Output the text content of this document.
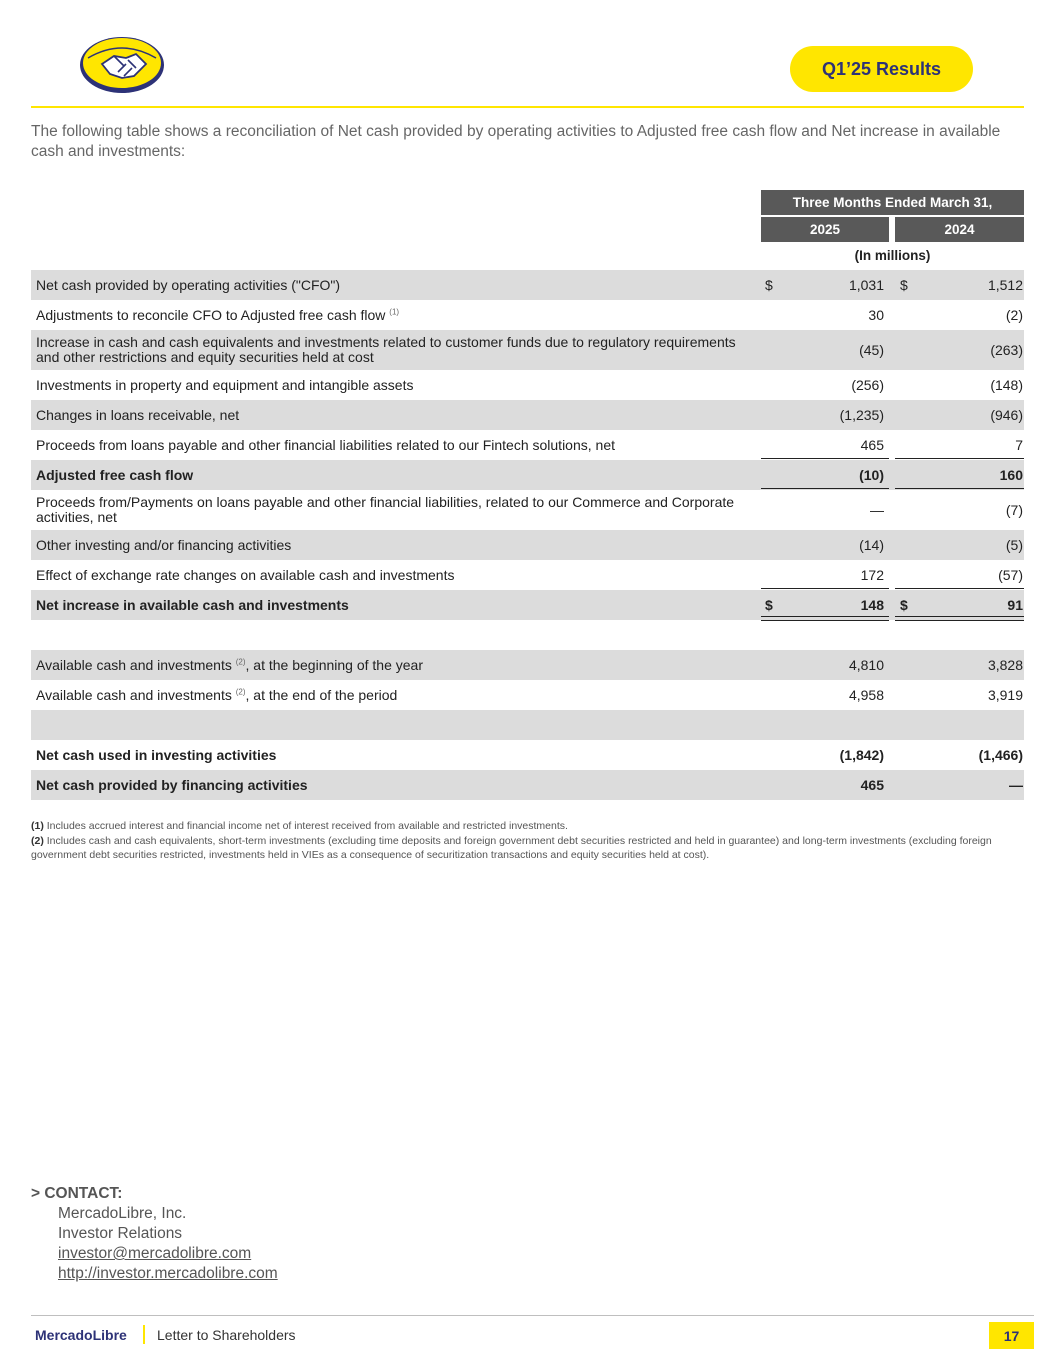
Q1’25 Results

The following table shows a reconciliation of Net cash provided by operating activities to Adjusted free cash flow and Net increase in available cash and investments:

Three Months Ended March 31,
2025	2024
(In millions)
Net cash provided by operating activities ("CFO")	$	1,031 $	1,512
Adjustments to reconcile CFO to Adjusted free cash flow $^{(1)}$	30	(2)
Increase in cash and cash equivalents and investments related to customer funds due to regulatory requirements and other restrictions and equity securities held at cost	(45)	(263)
Investments in property and equipment and intangible assets	(256)	(148)
Changes in loans receivable, net	(1,235)	(946)
Proceeds from loans payable and other financial liabilities related to our Fintech solutions, net	465	7
Adjusted free cash flow	(10)	160
Proceeds from/Payments on loans payable and other financial liabilities, related to our Commerce and Corporate activities, net	—	(7)
Other investing and/or financing activities	(14)	(5)
Effect of exchange rate changes on available cash and investments	172	(57)
Net increase in available cash and investments	$	148 $	91
Available cash and investments $^{(2)}$, at the beginning of the year	4,810	3,828
Available cash and investments $^{(2)}$, at the end of the period	4,958	3,919
Net cash used in investing activities	(1,842)	(1,466)
Net cash provided by financing activities	465	—
(1) Includes accrued interest and financial income net of interest received from available and restricted investments.
(2) Includes cash and cash equivalents, short-term investments (excluding time deposits and foreign government debt securities restricted and held in guarantee) and long-term investments (excluding foreign government debt securities restricted, investments held in VIEs as a consequence of securitization transactions and equity securities held at cost).
> CONTACT:
MercadoLibre, Inc.
Investor Relations
investor@mercadolibre.com
http://investor.mercadolibre.com
MercadoLibre Letter to Shareholders	17
